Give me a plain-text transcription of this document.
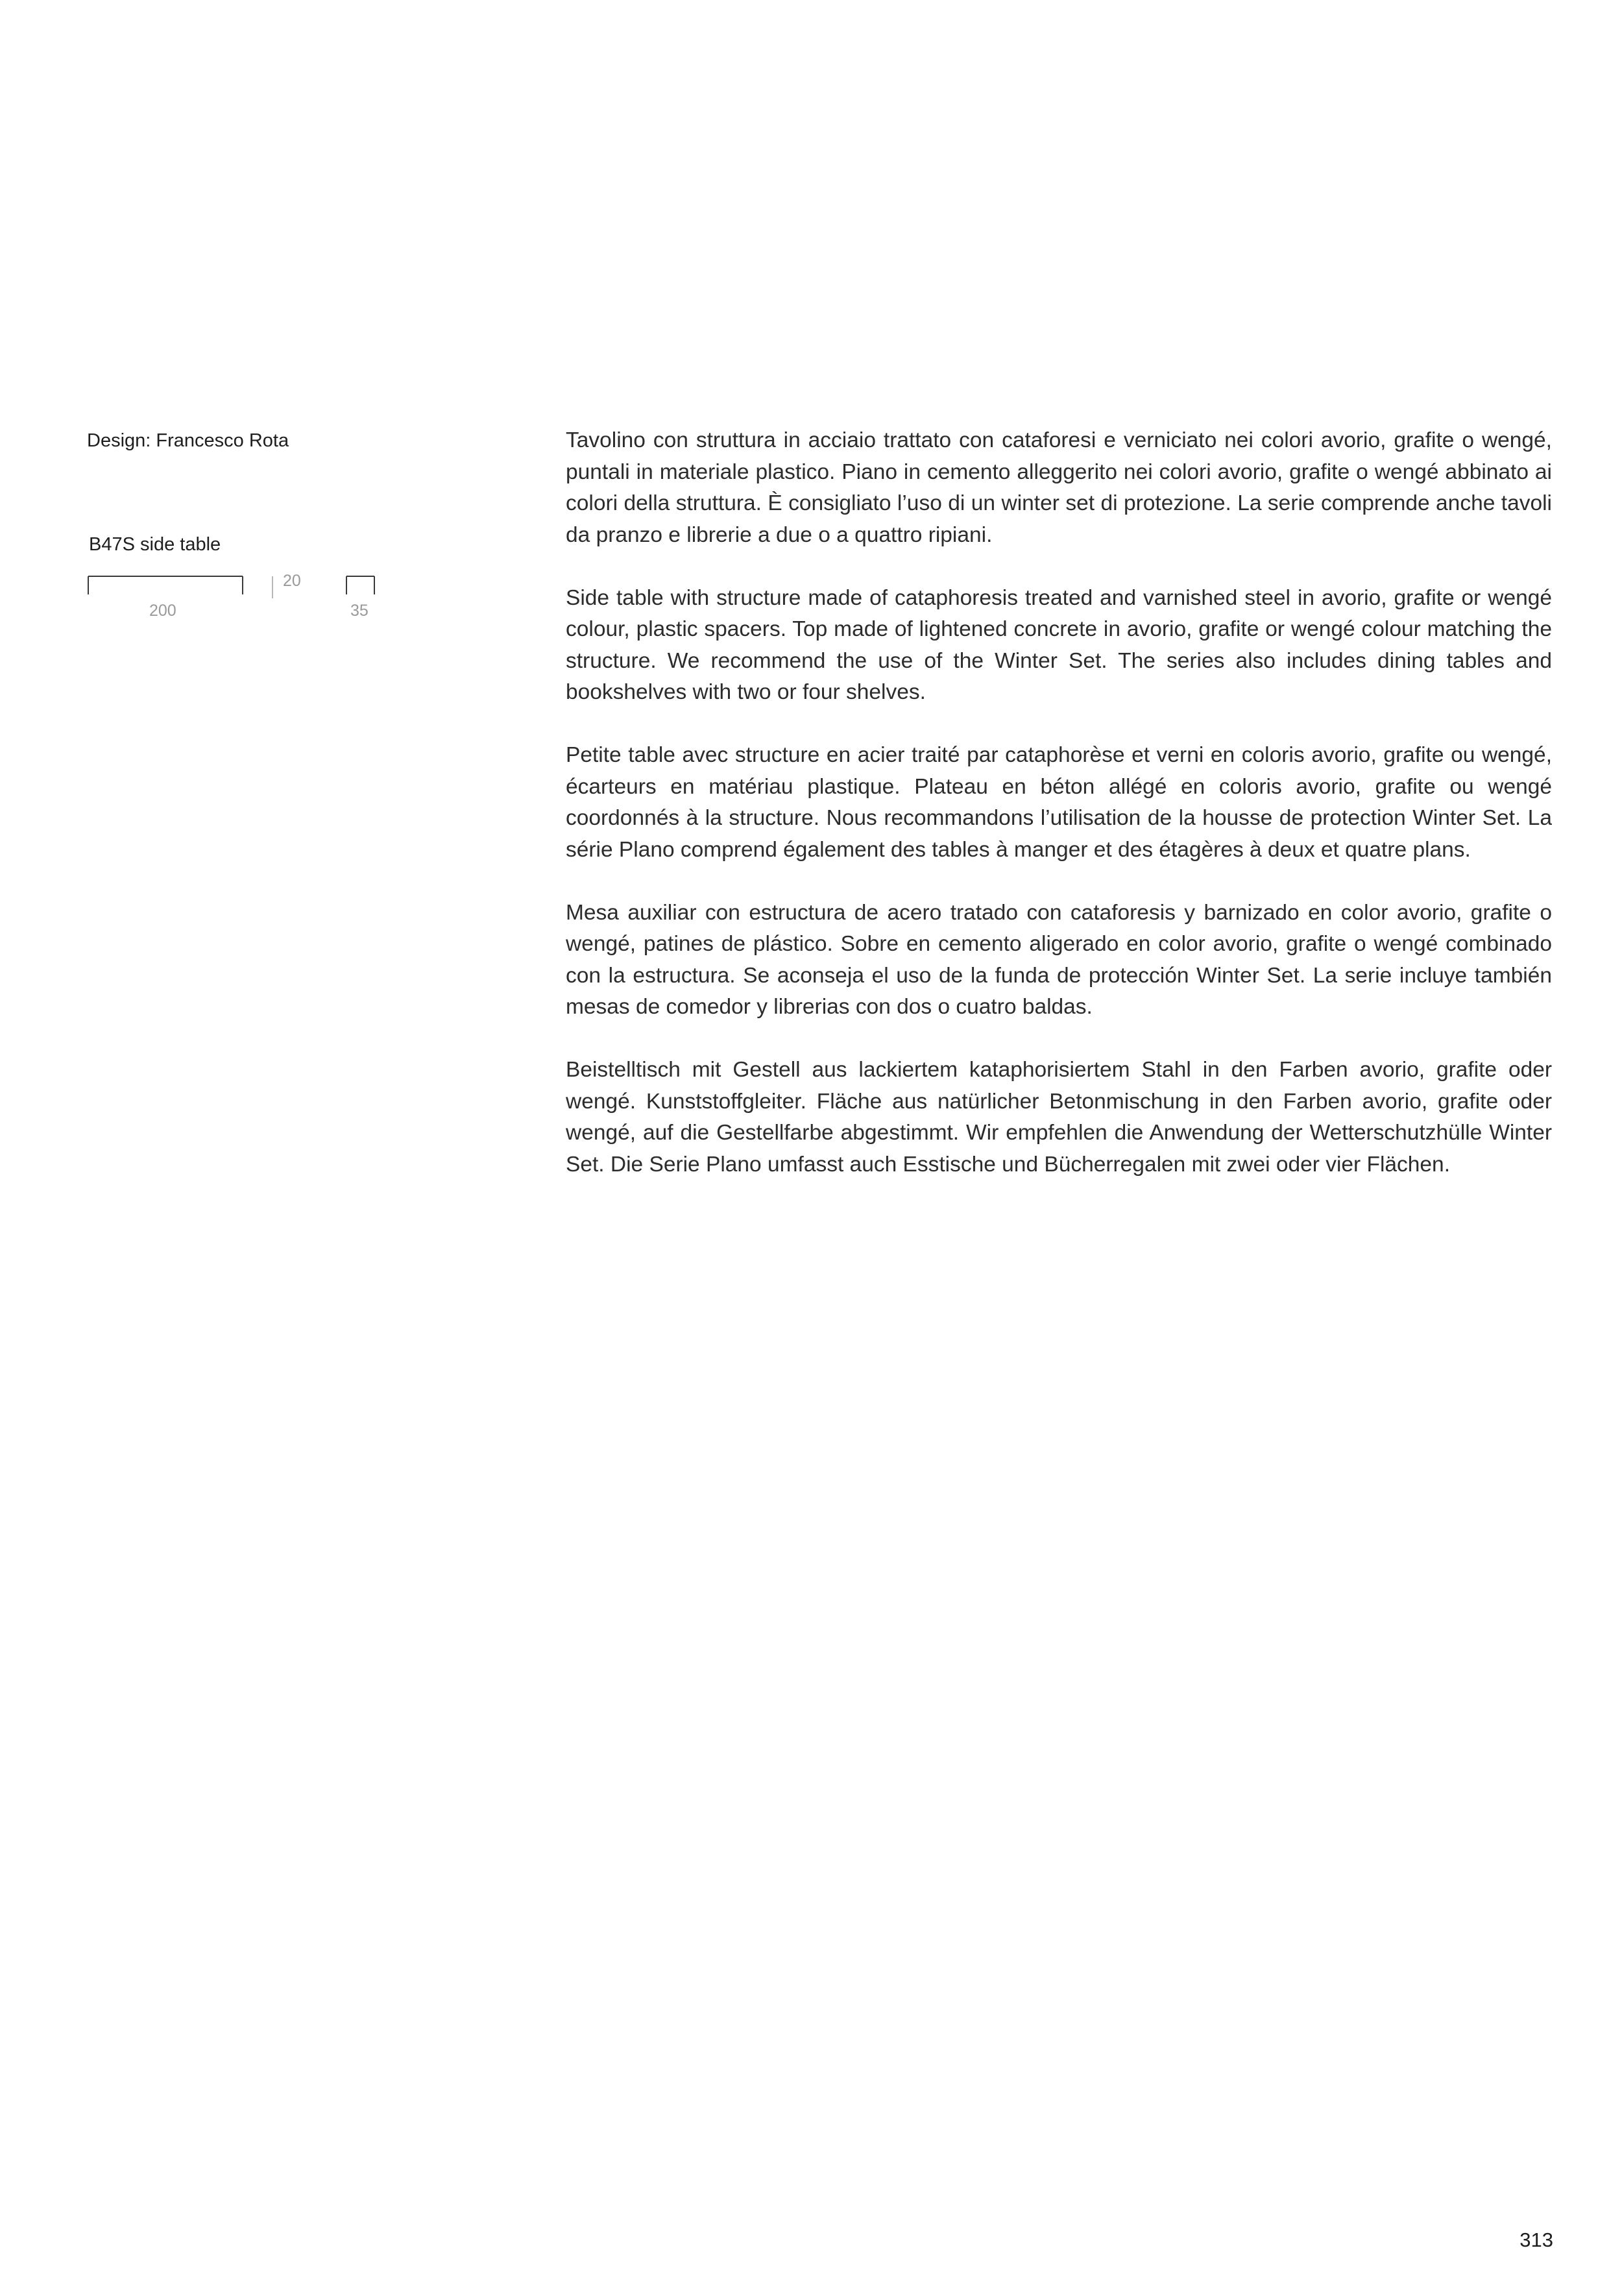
Design: Francesco Rota

B47S side table

200
20
35

Tavolino con struttura in acciaio trattato con cataforesi e verniciato nei colori avorio, grafite o wengé, puntali in materiale plastico. Piano in cemento alleggerito nei colori avorio, grafite o wengé abbinato ai colori della struttura. È consigliato l’uso di un winter set di protezione. La serie comprende anche tavoli da pranzo e librerie a due o a quattro ripiani.

Side table with structure made of cataphoresis treated and varnished steel in avorio, grafite or wengé colour, plastic spacers. Top made of lightened concrete in avorio, grafite or wengé colour matching the structure. We recommend the use of the Winter Set. The series also includes dining tables and bookshelves with two or four shelves.

Petite table avec structure en acier traité par cataphorèse et verni en coloris avorio, grafite ou wengé, écarteurs en matériau plastique. Plateau en béton allégé en coloris avorio, grafite ou wengé coordonnés à la structure. Nous recommandons l’utilisation de la housse de protection Winter Set. La série Plano comprend également des tables à manger et des étagères à deux et quatre plans.

Mesa auxiliar con estructura de acero tratado con cataforesis y barnizado en color avorio, grafite o wengé, patines de plástico. Sobre en cemento aligerado en color avorio, grafite o wengé combinado con la estructura. Se aconseja el uso de la funda de protección Winter Set. La serie incluye también mesas de comedor y librerias con dos o cuatro baldas.

Beistelltisch mit Gestell aus lackiertem kataphorisiertem Stahl in den Farben avorio, grafite oder wengé. Kunststoffgleiter. Fläche aus natürlicher Betonmischung in den Farben avorio, grafite oder wengé, auf die Gestellfarbe abgestimmt. Wir empfehlen die Anwendung der Wetterschutzhülle Winter Set. Die Serie Plano umfasst auch Esstische und Bücherregalen mit zwei oder vier Flächen.

313
